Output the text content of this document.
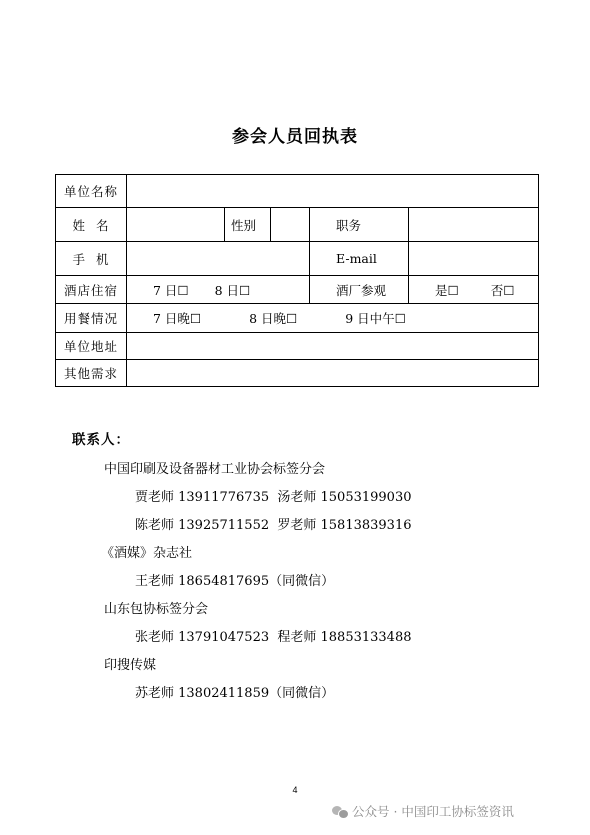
参会人员回执表
单位名称					
姓  名		性别		职务	
手  机				E-mail	
酒店住宿	7 日☐ 8 日☐			酒厂参观	是☐ 否☐
用餐情况	7 日晚☐ 8 日晚☐ 9 日中午☐				
单位地址					
其他需求					
联系人：
中国印刷及设备器材工业协会标签分会
贾老师 13911776735  汤老师 15053199030
陈老师 13925711552  罗老师 15813839316
《酒媒》杂志社
王老师 18654817695（同微信）
山东包协标签分会
张老师 13791047523  程老师 18853133488
印搜传媒
苏老师 13802411859（同微信）
4
公众号 · 中国印工协标签资讯
